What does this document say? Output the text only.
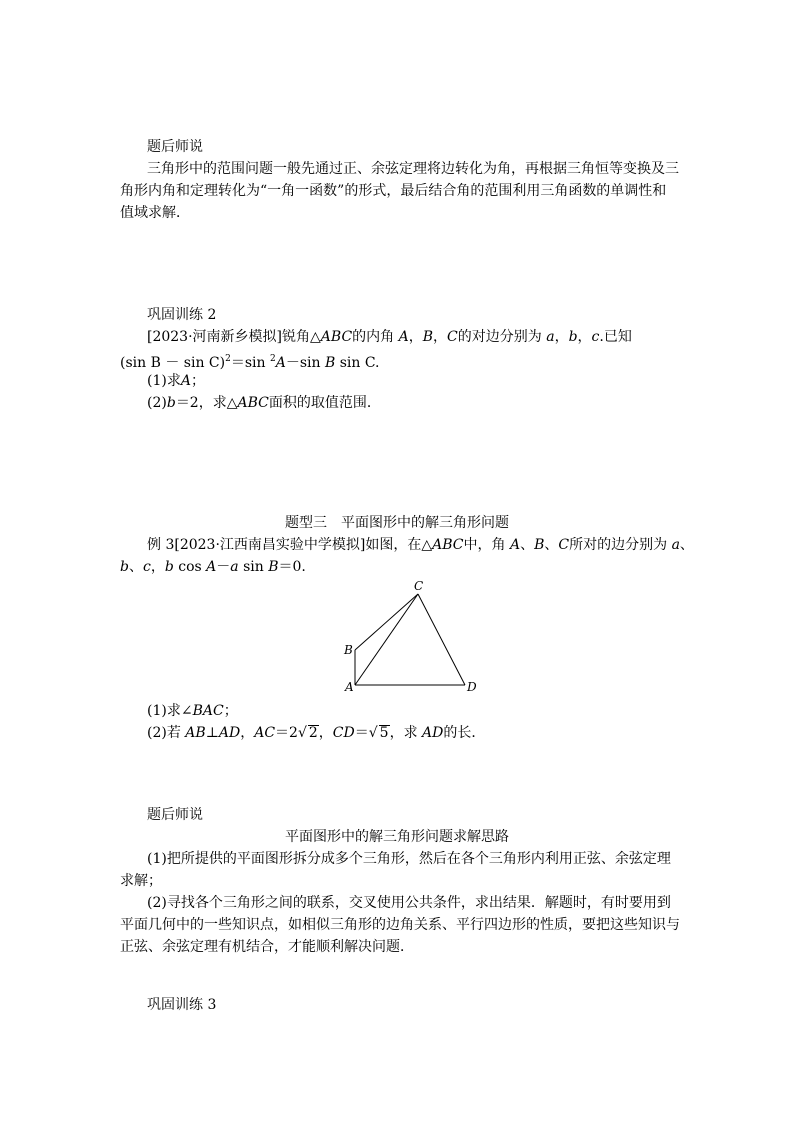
题后师说
三角形中的范围问题一般先通过正、余弦定理将边转化为角，再根据三角恒等变换及三
角形内角和定理转化为“一角一函数”的形式，最后结合角的范围利用三角函数的单调性和
值域求解．
巩固训练 2
[2023·河南新乡模拟]锐角△ABC的内角 A，B，C的对边分别为 a，b，c.已知
(sin B － sin C)$^2$＝sin $^2$A－sin B sin C.
(1)求A；
(2)b＝2，求△ABC面积的取值范围．
题型三　平面图形中的解三角形问题
例 3[2023·江西南昌实验中学模拟]如图，在△ABC中，角 A、B、C所对的边分别为 a、
b、c，b cos A－a sin B＝0.
C
B
A	D
(1)求∠BAC；
(2)若 AB⊥AD，AC＝2√ 2，CD＝√ 5，求 AD的长．
题后师说
平面图形中的解三角形问题求解思路
(1)把所提供的平面图形拆分成多个三角形，然后在各个三角形内利用正弦、余弦定理
求解；
(2)寻找各个三角形之间的联系，交叉使用公共条件，求出结果．解题时，有时要用到
平面几何中的一些知识点，如相似三角形的边角关系、平行四边形的性质，要把这些知识与
正弦、余弦定理有机结合，才能顺利解决问题．
巩固训练 3
